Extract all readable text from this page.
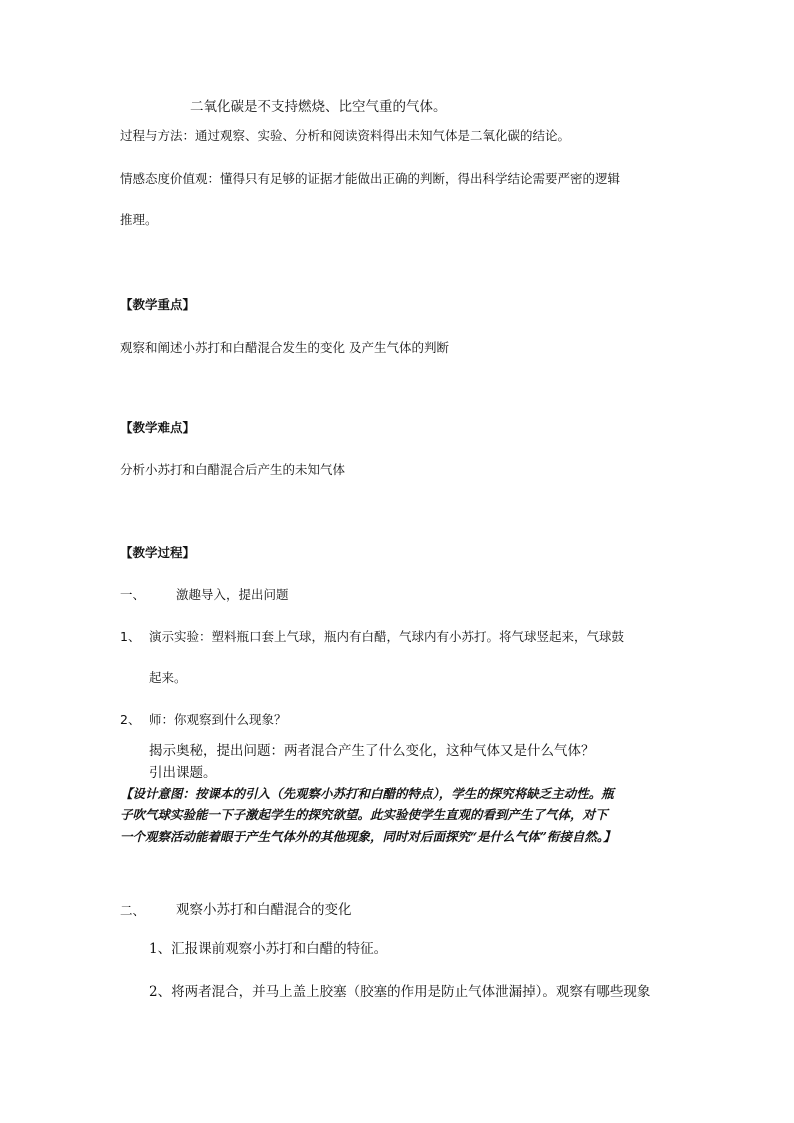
二氧化碳是不支持燃烧、比空气重的气体。
过程与方法：通过观察、实验、分析和阅读资料得出未知气体是二氧化碳的结论。
情感态度价值观：懂得只有足够的证据才能做出正确的判断，得出科学结论需要严密的逻辑
推理。
【教学重点】
观察和阐述小苏打和白醋混合发生的变化 及产生气体的判断
【教学难点】
分析小苏打和白醋混合后产生的未知气体
【教学过程】
一、 激趣导入，提出问题
1、 演示实验：塑料瓶口套上气球，瓶内有白醋，气球内有小苏打。将气球竖起来，气球鼓
起来。
2、 师：你观察到什么现象？
揭示奥秘，提出问题：两者混合产生了什么变化，这种气体又是什么气体？
引出课题。
【设计意图：按课本的引入（先观察小苏打和白醋的特点），学生的探究将缺乏主动性。瓶
子吹气球实验能一下子激起学生的探究欲望。此实验使学生直观的看到产生了气体，对下
一个观察活动能着眼于产生气体外的其他现象，同时对后面探究“是什么气体”衔接自然。】
二、 观察小苏打和白醋混合的变化
1、汇报课前观察小苏打和白醋的特征。
2、将两者混合，并马上盖上胶塞（胶塞的作用是防止气体泄漏掉）。观察有哪些现象
